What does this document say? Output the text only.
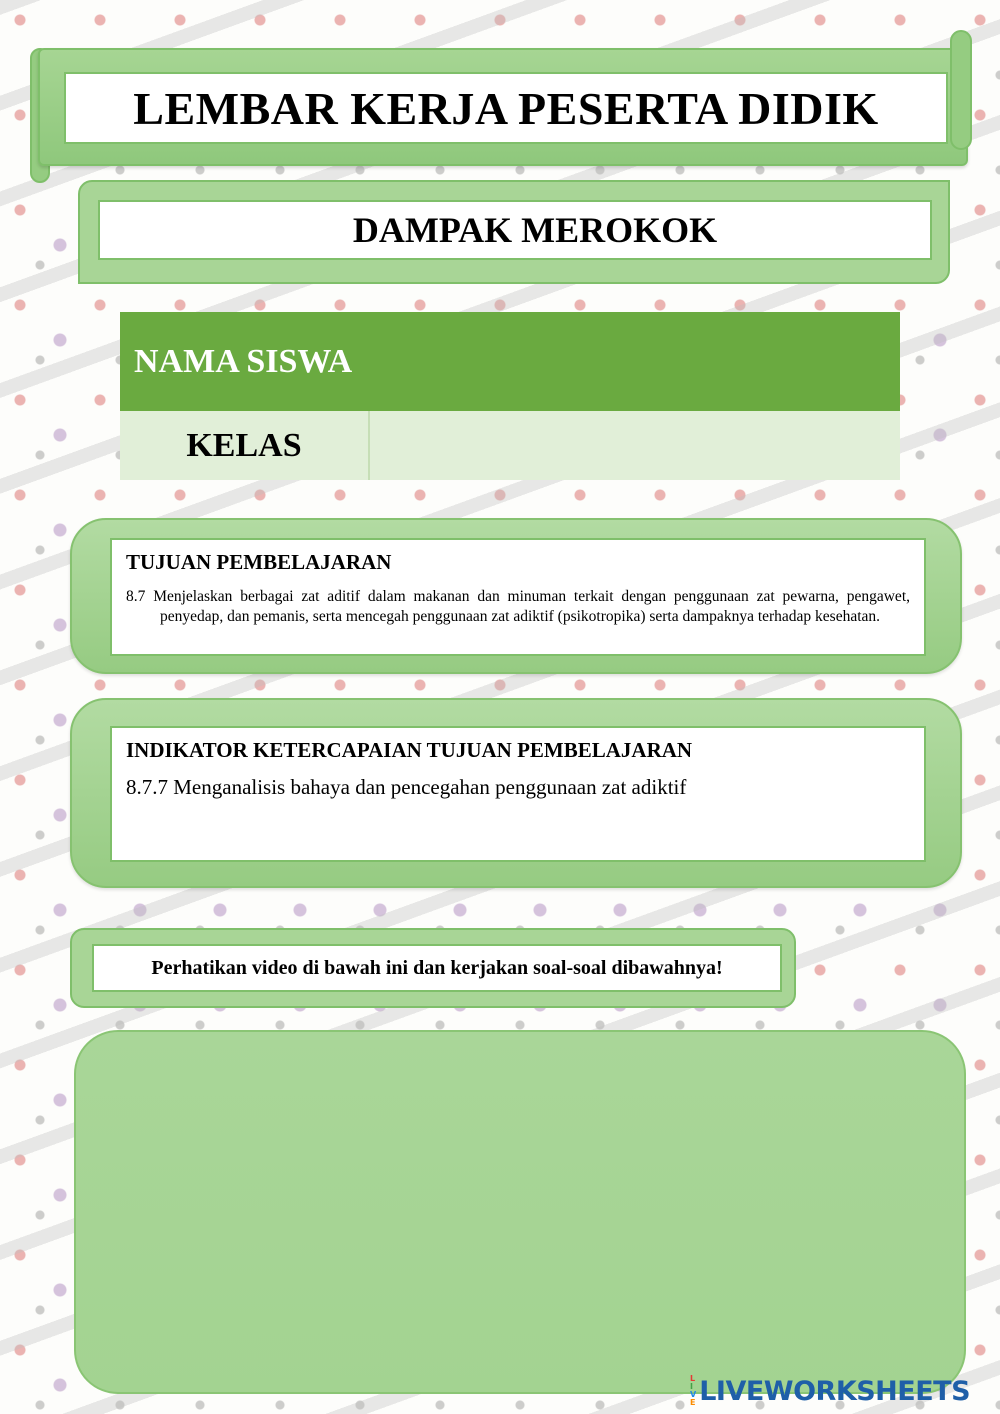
LEMBAR KERJA PESERTA DIDIK
DAMPAK MEROKOK
NAMA SISWA
KELAS

TUJUAN PEMBELAJARAN

8.7 Menjelaskan berbagai zat aditif dalam makanan dan minuman terkait dengan penggunaan zat pewarna, pengawet, penyedap, dan pemanis, serta mencegah penggunaan zat adiktif (psikotropika) serta dampaknya terhadap kesehatan.

INDIKATOR KETERCAPAIAN TUJUAN PEMBELAJARAN

8.7.7 Menganalisis bahaya dan pencegahan penggunaan zat adiktif

Perhatikan video di bawah ini dan kerjakan soal-soal dibawahnya!
L
I
V
E LIVEWORKSHEETS
